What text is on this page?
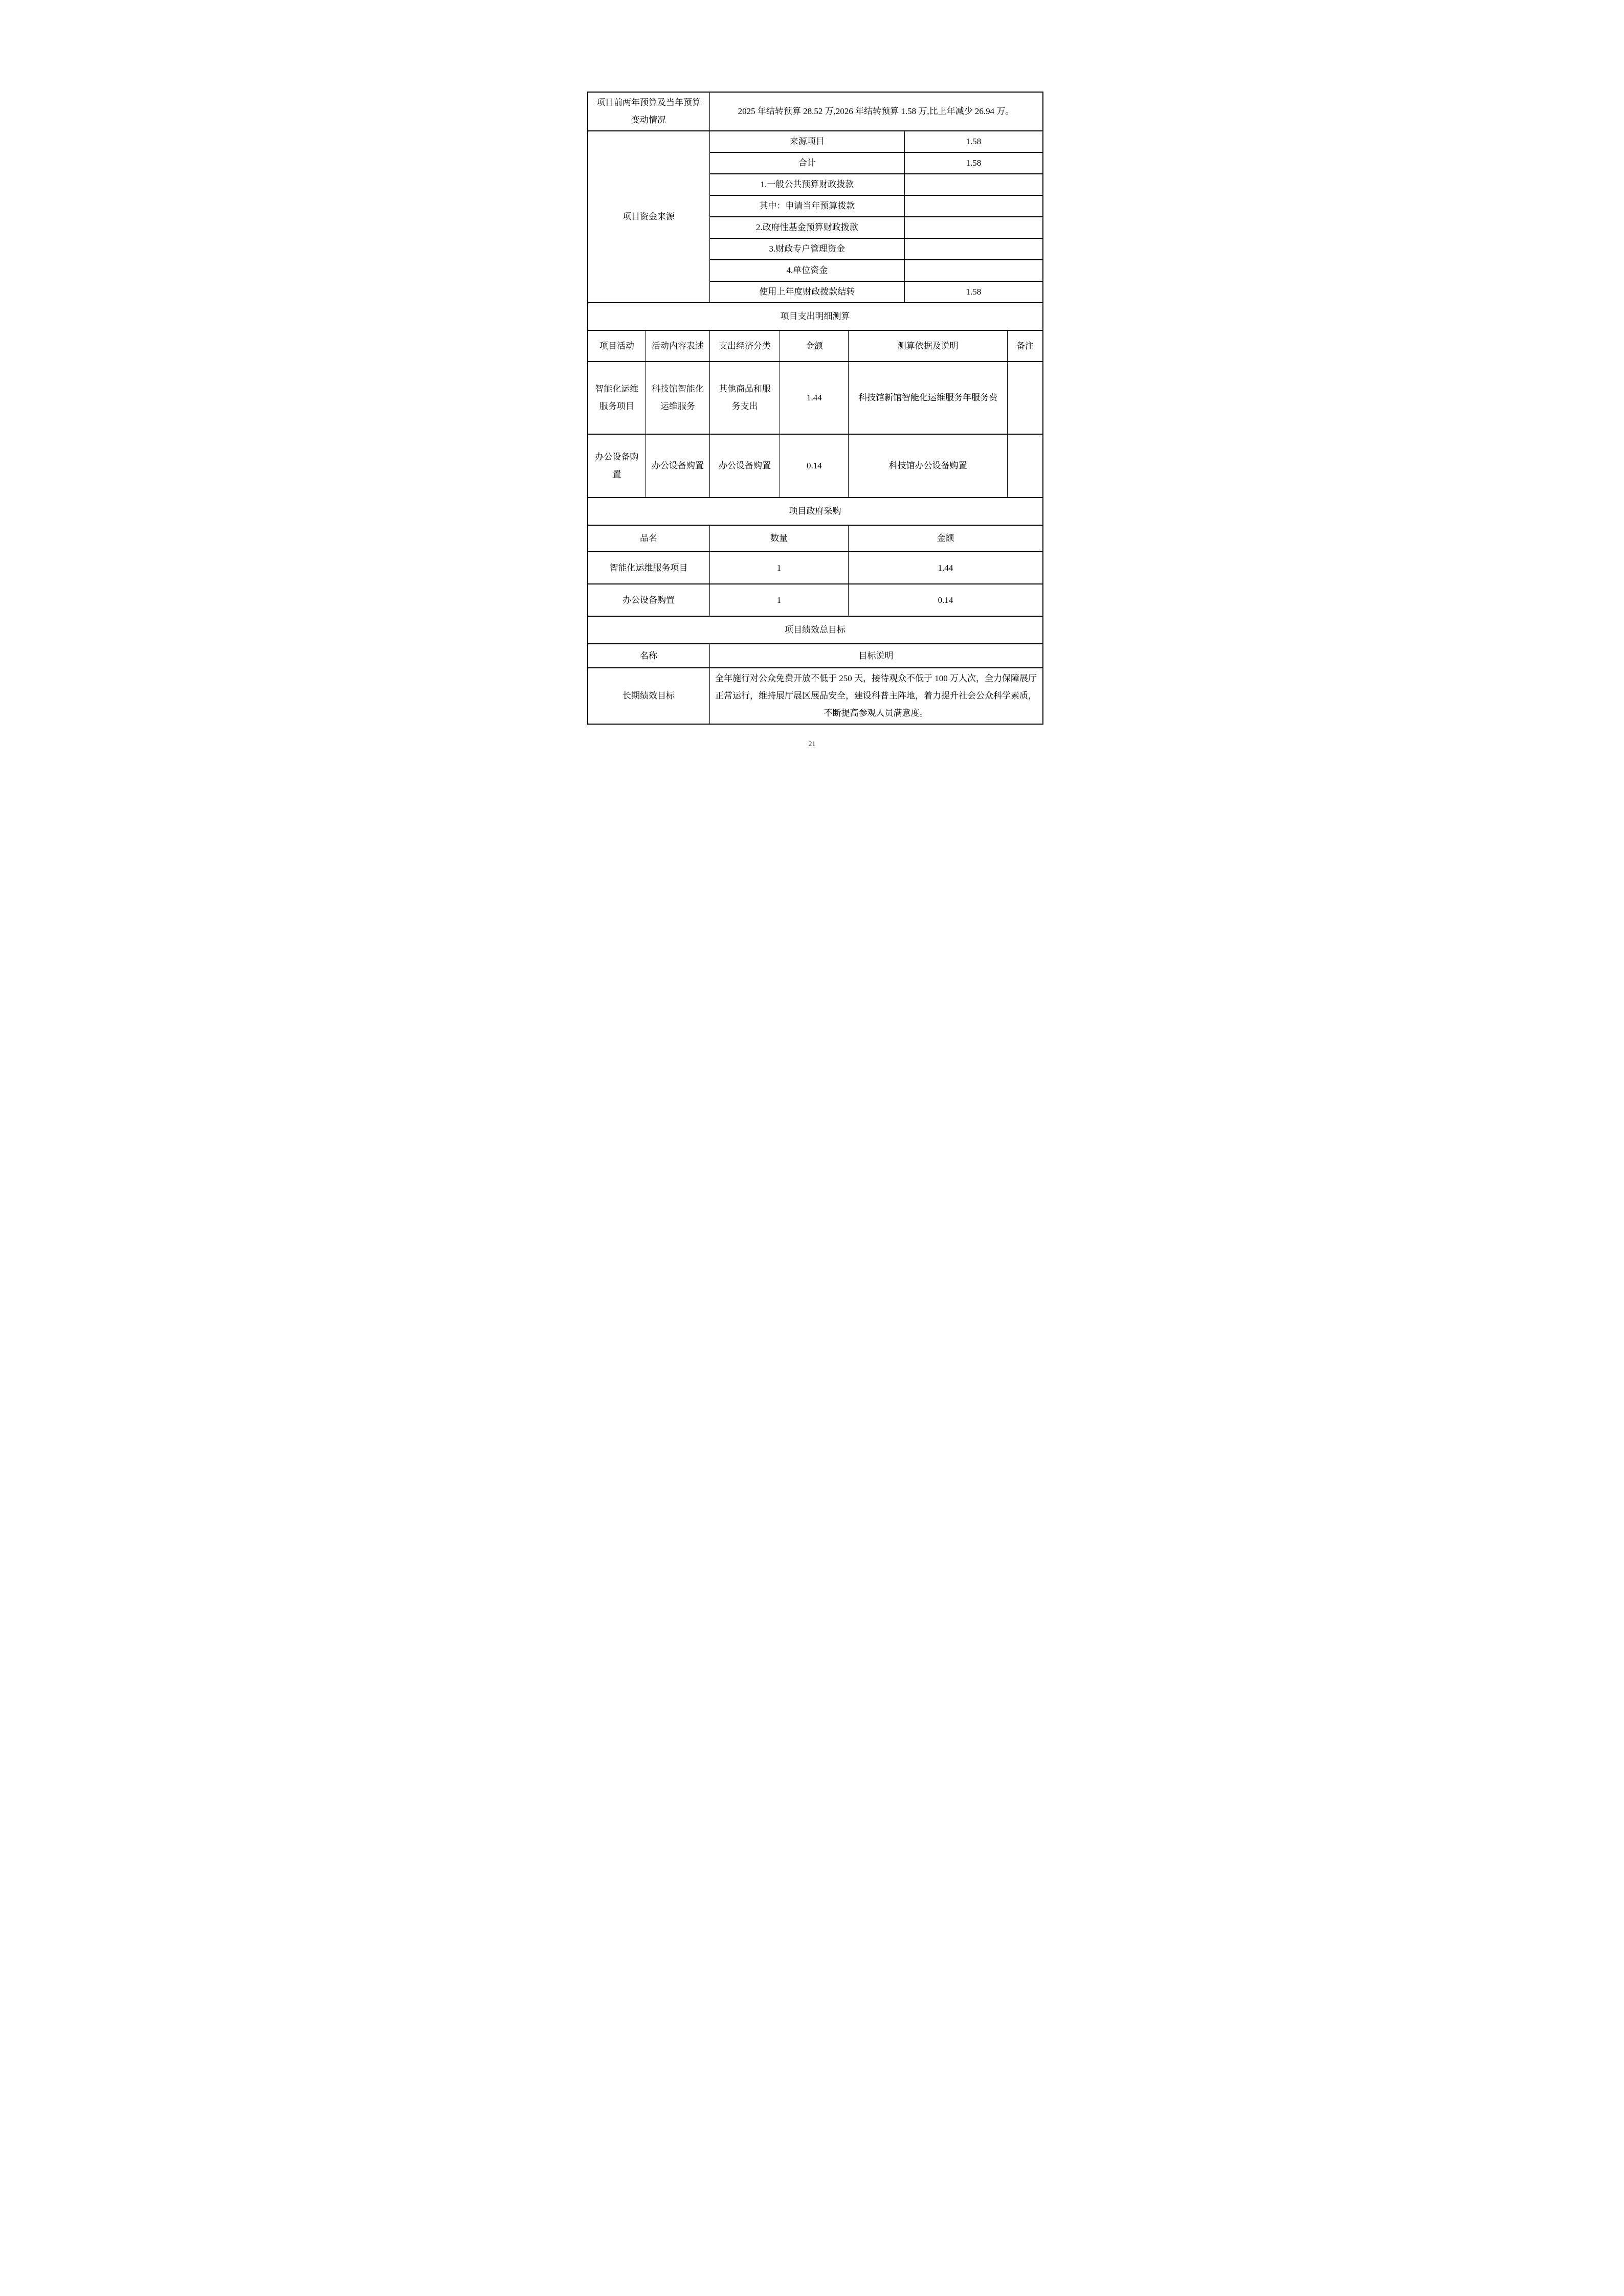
项目前两年预算及当年预算变动情况	2025 年结转预算 28.52 万,2026 年结转预算 1.58 万,比上年减少 26.94 万。
项目资金来源	来源项目	1.58
	合计	1.58
	1.一般公共预算财政拨款	
	其中：申请当年预算拨款	
	2.政府性基金预算财政拨款	
	3.财政专户管理资金	
	4.单位资金	
	使用上年度财政拨款结转	1.58
项目支出明细测算					
项目活动	活动内容表述	支出经济分类	金额	测算依据及说明	备注
智能化运维服务项目	科技馆智能化运维服务	其他商品和服务支出	1.44	科技馆新馆智能化运维服务年服务费	
办公设备购置	办公设备购置	办公设备购置	0.14	科技馆办公设备购置	
项目政府采购		
品名	数量	金额
智能化运维服务项目	1	1.44
办公设备购置	1	0.14
项目绩效总目标	
名称	目标说明
长期绩效目标	全年施行对公众免费开放不低于 250 天，接待观众不低于 100 万人次，全力保障展厅正常运行，维持展厅展区展品安全，建设科普主阵地，着力提升社会公众科学素质，不断提高参观人员满意度。
21
